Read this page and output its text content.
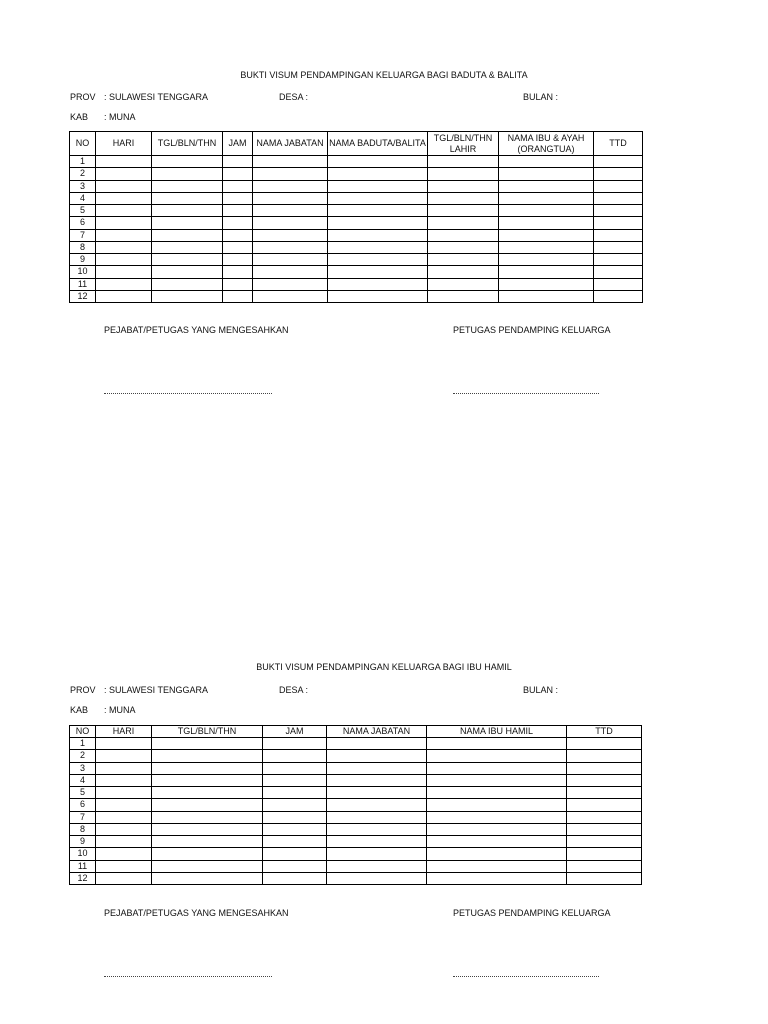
BUKTI VISUM PENDAMPINGAN KELUARGA BAGI BADUTA & BALITA
PROV : SULAWESI TENGGARA	DESA :	BULAN :
KAB : MUNA
NO	HARI	TGL/BLN/THN	JAM	NAMA JABATAN	NAMA BADUTA/BALITA	TGL/BLN/THN LAHIR	NAMA IBU & AYAH (ORANGTUA)	TTD
1								
2								
3								
4								
5								
6								
7								
8								
9								
10								
11								
12								
PEJABAT/PETUGAS YANG MENGESAHKAN	PETUGAS PENDAMPING KELUARGA
BUKTI VISUM PENDAMPINGAN KELUARGA BAGI IBU HAMIL
PROV : SULAWESI TENGGARA	DESA :	BULAN :
KAB : MUNA
NO	HARI	TGL/BLN/THN	JAM	NAMA JABATAN	NAMA IBU HAMIL	TTD
1						
2						
3						
4						
5						
6						
7						
8						
9						
10						
11						
12						
PEJABAT/PETUGAS YANG MENGESAHKAN	PETUGAS PENDAMPING KELUARGA
